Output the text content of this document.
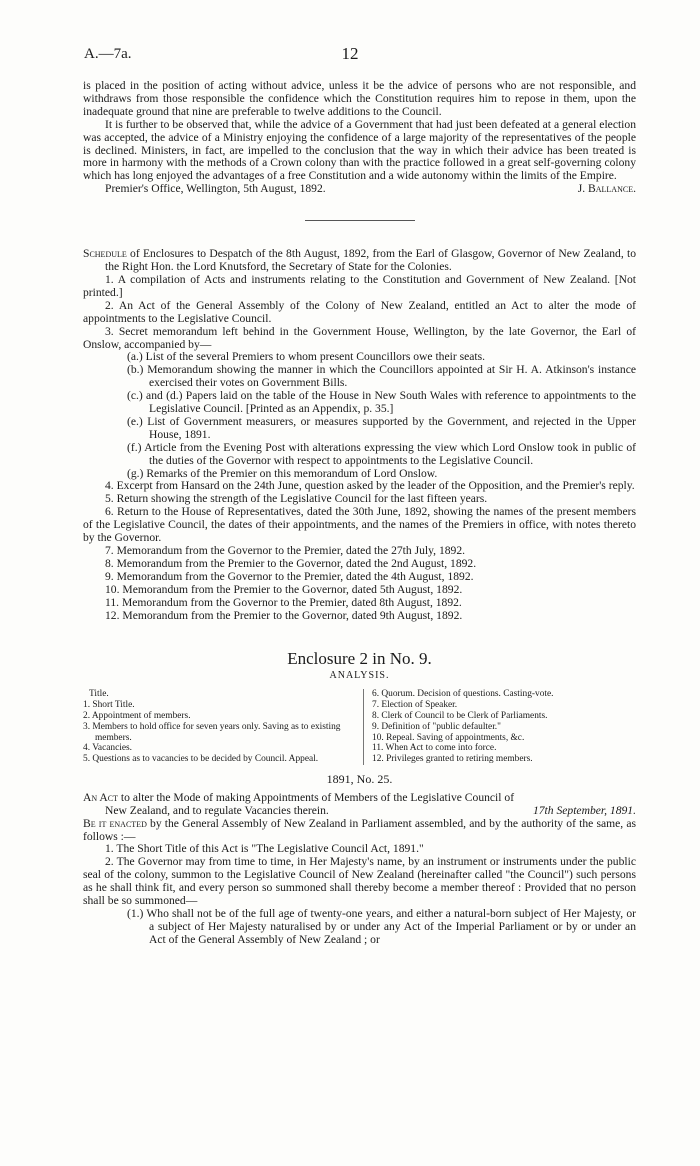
A.—7a.	12

is placed in the position of acting without advice, unless it be the advice of persons who are not responsible, and withdraws from those responsible the confidence which the Constitution requires him to repose in them, upon the inadequate ground that nine are preferable to twelve additions to the Council.

It is further to be observed that, while the advice of a Government that had just been defeated at a general election was accepted, the advice of a Ministry enjoying the confidence of a large majority of the representatives of the people is declined. Ministers, in fact, are impelled to the conclusion that the way in which their advice has been treated is more in harmony with the methods of a Crown colony than with the practice followed in a great self-governing colony which has long enjoyed the advantages of a free Constitution and a wide autonomy within the limits of the Empire.

Premier's Office, Wellington, 5th August, 1892.	J. Ballance.

Schedule of Enclosures to Despatch of the 8th August, 1892, from the Earl of Glasgow, Governor of New Zealand, to the Right Hon. the Lord Knutsford, the Secretary of State for the Colonies.

1. A compilation of Acts and instruments relating to the Constitution and Government of New Zealand. [Not printed.]

2. An Act of the General Assembly of the Colony of New Zealand, entitled an Act to alter the mode of appointments to the Legislative Council.

3. Secret memorandum left behind in the Government House, Wellington, by the late Governor, the Earl of Onslow, accompanied by—

(a.) List of the several Premiers to whom present Councillors owe their seats.

(b.) Memorandum showing the manner in which the Councillors appointed at Sir H. A. Atkinson's instance exercised their votes on Government Bills.

(c.) and (d.) Papers laid on the table of the House in New South Wales with reference to appointments to the Legislative Council. [Printed as an Appendix, p. 35.]

(e.) List of Government measurers, or measures supported by the Government, and rejected in the Upper House, 1891.

(f.) Article from the Evening Post with alterations expressing the view which Lord Onslow took in public of the duties of the Governor with respect to appointments to the Legislative Council.

(g.) Remarks of the Premier on this memorandum of Lord Onslow.

4. Excerpt from Hansard on the 24th June, question asked by the leader of the Opposition, and the Premier's reply.

5. Return showing the strength of the Legislative Council for the last fifteen years.

6. Return to the House of Representatives, dated the 30th June, 1892, showing the names of the present members of the Legislative Council, the dates of their appointments, and the names of the Premiers in office, with notes thereto by the Governor.

7. Memorandum from the Governor to the Premier, dated the 27th July, 1892.

8. Memorandum from the Premier to the Governor, dated the 2nd August, 1892.

9. Memorandum from the Governor to the Premier, dated the 4th August, 1892.

10. Memorandum from the Premier to the Governor, dated 5th August, 1892.

11. Memorandum from the Governor to the Premier, dated 8th August, 1892.

12. Memorandum from the Premier to the Governor, dated 9th August, 1892.

Enclosure 2 in No. 9.
ANALYSIS.
Title.
1. Short Title.
2. Appointment of members.
3. Members to hold office for seven years only. Saving as to existing members.
4. Vacancies.
5. Questions as to vacancies to be decided by Council. Appeal.
6. Quorum. Decision of questions. Casting-vote.
7. Election of Speaker.
8. Clerk of Council to be Clerk of Parliaments.
9. Definition of "public defaulter."
10. Repeal. Saving of appointments, &c.
11. When Act to come into force.
12. Privileges granted to retiring members.
1891, No. 25.

An Act to alter the Mode of making Appointments of Members of the Legislative Council of

New Zealand, and to regulate Vacancies therein.	17th September, 1891.

Be it enacted by the General Assembly of New Zealand in Parliament assembled, and by the authority of the same, as follows :—

1. The Short Title of this Act is "The Legislative Council Act, 1891."

2. The Governor may from time to time, in Her Majesty's name, by an instrument or instruments under the public seal of the colony, summon to the Legislative Council of New Zealand (hereinafter called "the Council") such persons as he shall think fit, and every person so summoned shall thereby become a member thereof : Provided that no person shall be so summoned—

(1.) Who shall not be of the full age of twenty-one years, and either a natural-born subject of Her Majesty, or a subject of Her Majesty naturalised by or under any Act of the Imperial Parliament or by or under an Act of the General Assembly of New Zealand ; or
